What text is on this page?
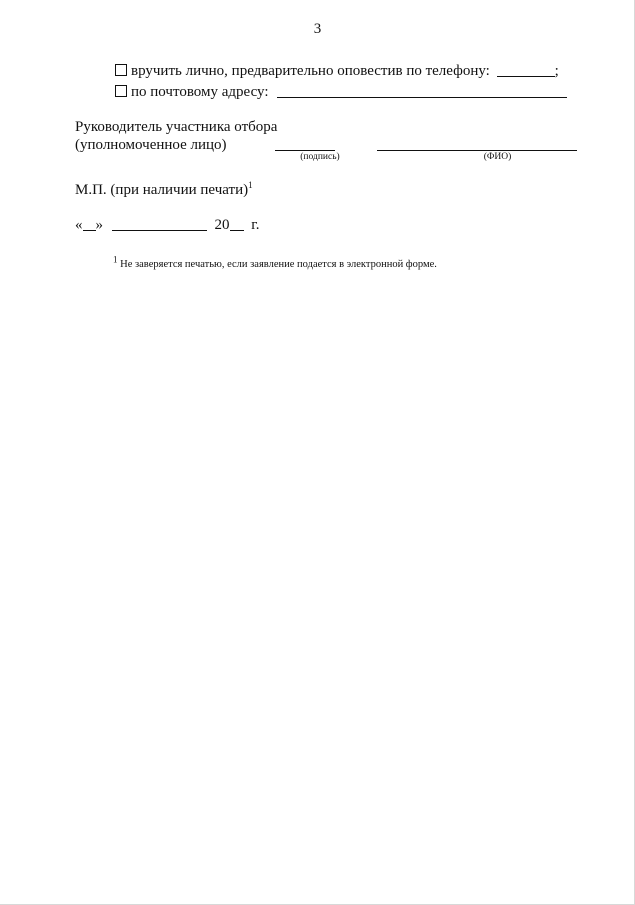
3
вручить лично, предварительно оповестив по телефону:	;
по почтовому адресу:
Руководитель участника отбора
(уполномоченное лицо)
(подпись)	(ФИО)
М.П. (при наличии печати)$^1$
« »	20 г.
$^1$ Не заверяется печатью, если заявление подается в электронной форме.
